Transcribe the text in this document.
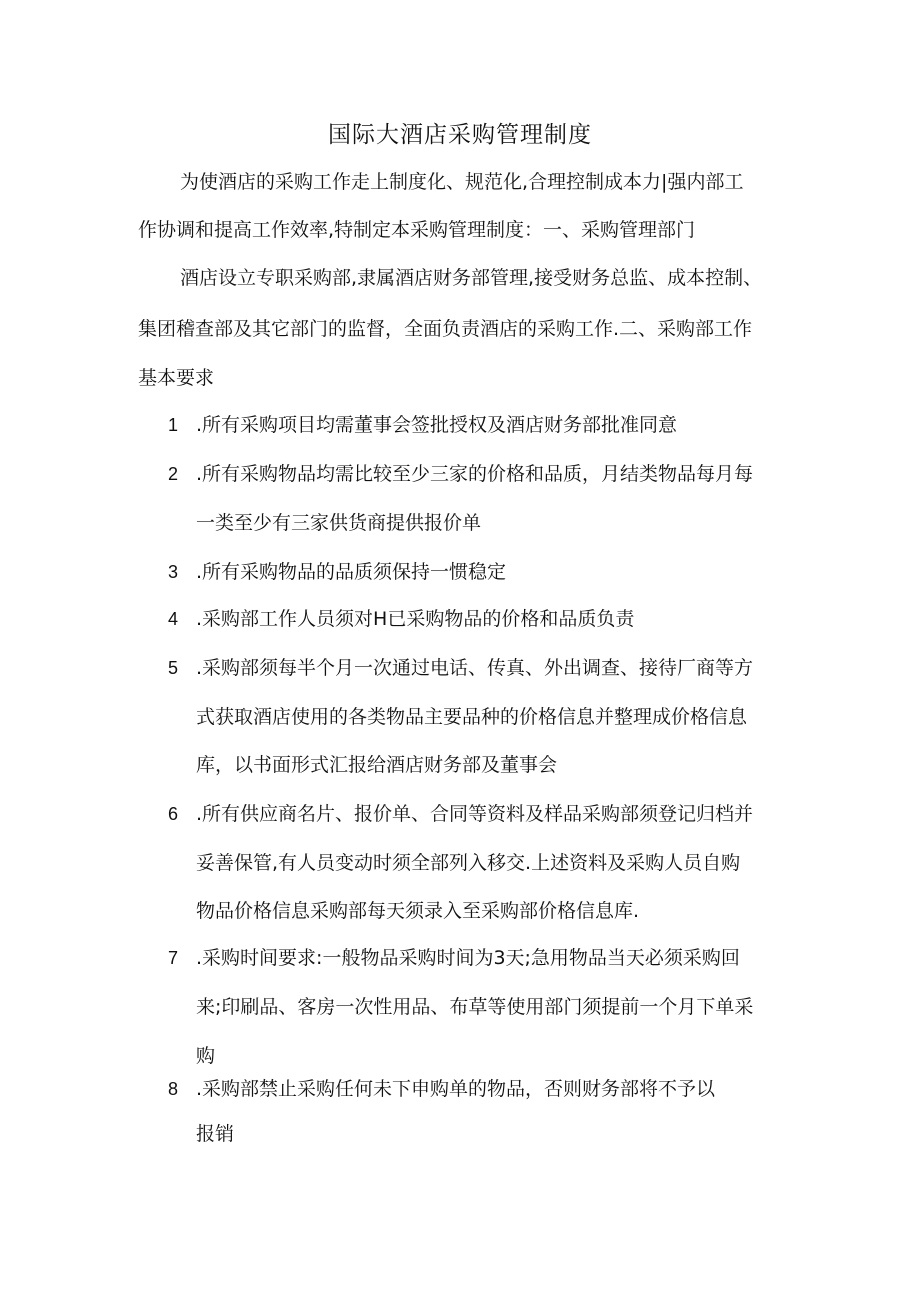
国际大酒店采购管理制度
为使酒店的采购工作走上制度化、规范化,合理控制成本力|强内部工
作协调和提高工作效率,特制定本采购管理制度：一、采购管理部门
酒店设立专职采购部,隶属酒店财务部管理,接受财务总监、成本控制、
集团稽查部及其它部门的监督，全面负责酒店的采购工作.二、采购部工作
基本要求
1 .所有采购项目均需董事会签批授权及酒店财务部批准同意
2 .所有采购物品均需比较至少三家的价格和品质，月结类物品每月每
一类至少有三家供货商提供报价单
3 .所有采购物品的品质须保持一惯稳定
4 .采购部工作人员须对H已采购物品的价格和品质负责
5 .采购部须每半个月一次通过电话、传真、外出调查、接待厂商等方
式获取酒店使用的各类物品主要品种的价格信息并整理成价格信息
库，以书面形式汇报给酒店财务部及董事会
6 .所有供应商名片、报价单、合同等资料及样品采购部须登记归档并
妥善保管,有人员变动时须全部列入移交.上述资料及采购人员自购
物品价格信息采购部每天须录入至采购部价格信息库.
7 .采购时间要求:一般物品采购时间为3天;急用物品当天必须采购回
来;印刷品、客房一次性用品、布草等使用部门须提前一个月下单采
购
8 .采购部禁止采购任何未下申购单的物品，否则财务部将不予以
报销
